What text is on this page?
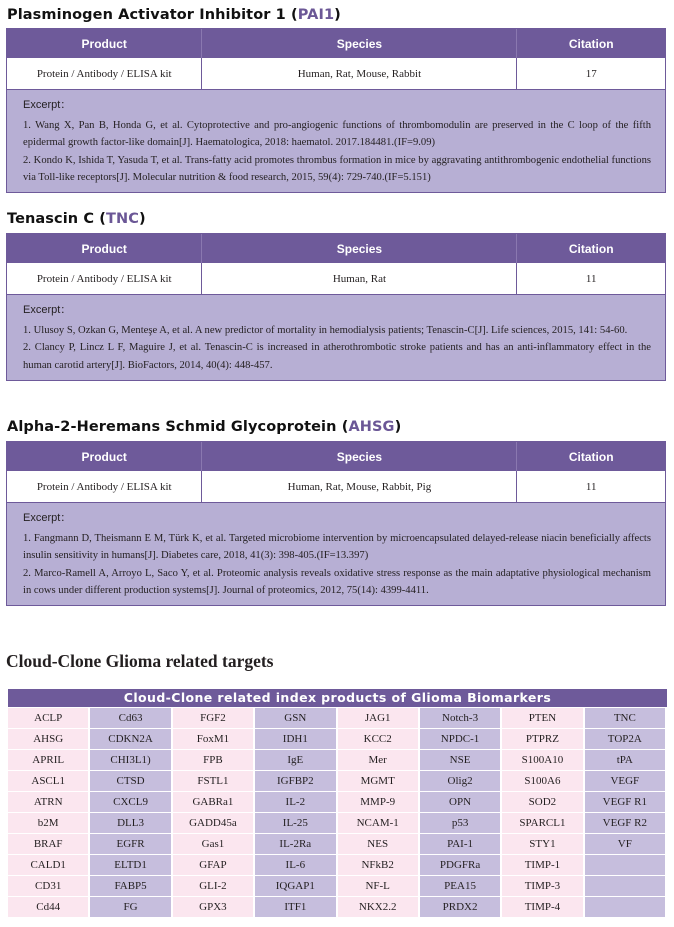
Plasminogen Activator Inhibitor 1 (PAI1)
Product	Species	Citation
Protein / Antibody / ELISA kit	Human, Rat, Mouse, Rabbit	17
Excerpt：

1. Wang X, Pan B, Honda G, et al. Cytoprotective and pro-angiogenic functions of thrombomodulin are preserved in the C loop of the fifth epidermal growth factor-like domain[J]. Haematologica, 2018: haematol. 2017.184481.(IF=9.09)

2. Kondo K, Ishida T, Yasuda T, et al. Trans‐fatty acid promotes thrombus formation in mice by aggravating antithrombogenic endothelial functions via Toll‐like receptors[J]. Molecular nutrition & food research, 2015, 59(4): 729-740.(IF=5.151)

Tenascin C (TNC)
Product	Species	Citation
Protein / Antibody / ELISA kit	Human, Rat	11
Excerpt：

1. Ulusoy S, Ozkan G, Menteşe A, et al. A new predictor of mortality in hemodialysis patients; Tenascin-C[J]. Life sciences, 2015, 141: 54-60.

2. Clancy P, Lincz L F, Maguire J, et al. Tenascin-C is increased in atherothrombotic stroke patients and has an anti-inflammatory effect in the human carotid artery[J]. BioFactors, 2014, 40(4): 448-457.

Alpha-2-Heremans Schmid Glycoprotein (AHSG)
Product	Species	Citation
Protein / Antibody / ELISA kit	Human, Rat, Mouse, Rabbit, Pig	11
Excerpt：

1. Fangmann D, Theismann E M, Türk K, et al. Targeted microbiome intervention by microencapsulated delayed-release niacin beneficially affects insulin sensitivity in humans[J]. Diabetes care, 2018, 41(3): 398-405.(IF=13.397)

2. Marco-Ramell A, Arroyo L, Saco Y, et al. Proteomic analysis reveals oxidative stress response as the main adaptative physiological mechanism in cows under different production systems[J]. Journal of proteomics, 2012, 75(14): 4399-4411.

Cloud-Clone Glioma related targets
Cloud-Clone related index products of Glioma Biomarkers
ACLP	Cd63	FGF2	GSN	JAG1	Notch-3	PTEN	TNC
AHSG	CDKN2A	FoxM1	IDH1	KCC2	NPDC-1	PTPRZ	TOP2A
APRIL	CHI3L1)	FPB	IgE	Mer	NSE	S100A10	tPA
ASCL1	CTSD	FSTL1	IGFBP2	MGMT	Olig2	S100A6	VEGF
ATRN	CXCL9	GABRa1	IL-2	MMP-9	OPN	SOD2	VEGF R1
b2M	DLL3	GADD45a	IL-25	NCAM-1	p53	SPARCL1	VEGF R2
BRAF	EGFR	Gas1	IL-2Ra	NES	PAI-1	STY1	VF
CALD1	ELTD1	GFAP	IL-6	NFkB2	PDGFRa	TIMP-1
CD31	FABP5	GLI-2	IQGAP1	NF-L	PEA15	TIMP-3
Cd44	FG	GPX3	ITF1	NKX2.2	PRDX2	TIMP-4
